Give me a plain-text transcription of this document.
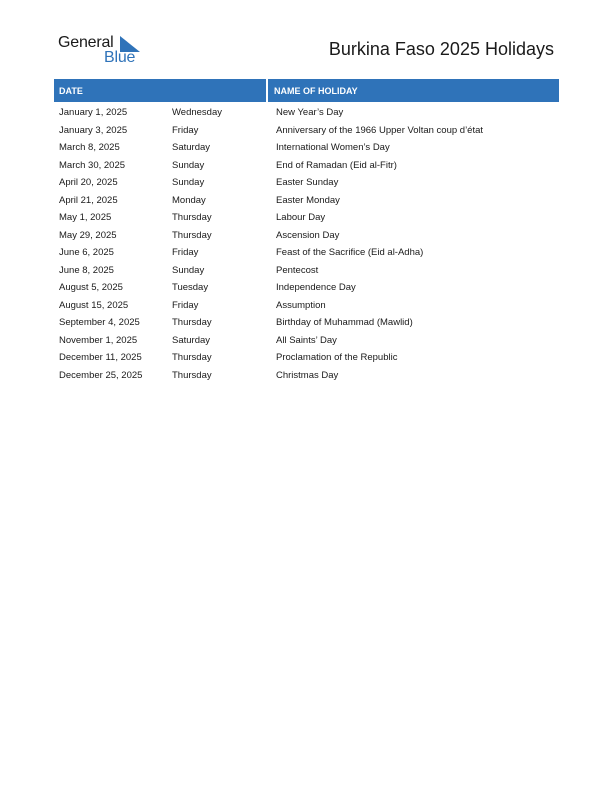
General
Blue	Burkina Faso 2025 Holidays
DATE	NAME OF HOLIDAY
January 1, 2025	Wednesday	New Year’s Day
January 3, 2025	Friday	Anniversary of the 1966 Upper Voltan coup d’état
March 8, 2025	Saturday	International Women’s Day
March 30, 2025	Sunday	End of Ramadan (Eid al-Fitr)
April 20, 2025	Sunday	Easter Sunday
April 21, 2025	Monday	Easter Monday
May 1, 2025	Thursday	Labour Day
May 29, 2025	Thursday	Ascension Day
June 6, 2025	Friday	Feast of the Sacrifice (Eid al-Adha)
June 8, 2025	Sunday	Pentecost
August 5, 2025	Tuesday	Independence Day
August 15, 2025	Friday	Assumption
September 4, 2025	Thursday	Birthday of Muhammad (Mawlid)
November 1, 2025	Saturday	All Saints’ Day
December 11, 2025	Thursday	Proclamation of the Republic
December 25, 2025	Thursday	Christmas Day
